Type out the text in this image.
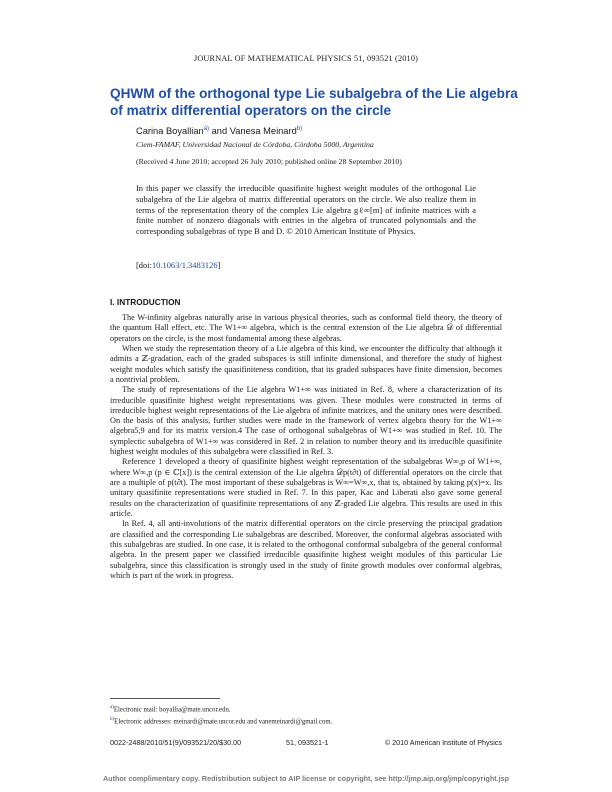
JOURNAL OF MATHEMATICAL PHYSICS 51, 093521 (2010)
QHWM of the orthogonal type Lie subalgebra of the Lie algebra of matrix differential operators on the circle
Carina Boyallian$^{a)}$ and Vanesa Meinard$^{b)}$
Ciem-FAMAF, Universidad Nacional de Córdoba, Córdoba 5000, Argentina
(Received 4 June 2010; accepted 26 July 2010; published online 28 September 2010)

In this paper we classify the irreducible quasifinite highest weight modules of the orthogonal Lie subalgebra of the Lie algebra of matrix differential operators on the circle. We also realize them in terms of the representation theory of the complex Lie algebra gℓ∞[m] of infinite matrices with a finite number of nonzero diagonals with entries in the algebra of truncated polynomials and the corresponding subalgebras of type B and D. © 2010 American Institute of Physics.

[doi:10.1063/1.3483126]
I. INTRODUCTION

The W-infinity algebras naturally arise in various physical theories, such as conformal field theory, the theory of the quantum Hall effect, etc. The W1+∞ algebra, which is the central extension of the Lie algebra 𝒟 of differential operators on the circle, is the most fundamental among these algebras.

When we study the representation theory of a Lie algebra of this kind, we encounter the difficulty that although it admits a ℤ-gradation, each of the graded subspaces is still infinite dimensional, and therefore the study of highest weight modules which satisfy the quasifiniteness condition, that its graded subspaces have finite dimension, becomes a nontrivial problem.

The study of representations of the Lie algebra W1+∞ was initiated in Ref. 8, where a characterization of its irreducible quasifinite highest weight representations was given. These modules were constructed in terms of irreducible highest weight representations of the Lie algebra of infinite matrices, and the unitary ones were described. On the basis of this analysis, further studies were made in the framework of vertex algebra theory for the W1+∞ algebra5,9 and for its matrix version.4 The case of orthogonal subalgebras of W1+∞ was studied in Ref. 10. The symplectic subalgebra of W1+∞ was considered in Ref. 2 in relation to number theory and its irreducible quasifinite highest weight modules of this subalgebra were classified in Ref. 3.

Reference 1 developed a theory of quasifinite highest weight representation of the subalgebras W∞,p of W1+∞, where W∞,p (p ∈ ℂ[x]) is the central extension of the Lie algebra 𝒟p(t∂t) of differential operators on the circle that are a multiple of p(t∂t). The most important of these subalgebras is W∞=W∞,x, that is, obtained by taking p(x)=x. Its unitary quasifinite representations were studied in Ref. 7. In this paper, Kac and Liberati also gave some general results on the characterization of quasifinite representations of any ℤ-graded Lie algebra. This results are used in this article.

In Ref. 4, all anti-involutions of the matrix differential operators on the circle preserving the principal gradation are classified and the corresponding Lie subalgebras are described. Moreover, the conformal algebras associated with this subalgebras are studied. In one case, it is related to the orthogonal conformal subalgebra of the general conformal algebra. In the present paper we classified irreducible quasifinite highest weight modules of this particular Lie subalgebra, since this classification is strongly used in the study of finite growth modules over conformal algebras, which is part of the work in progress.

$^{a)}$Electronic mail: boyallia@mate.uncor.edu.
$^{b)}$Electronic addresses: meinardi@mate.uncor.edu and vanemeinardi@gmail.com.
0022-2488/2010/51(9)/093521/20/$30.00	51, 093521-1	© 2010 American Institute of Physics
Author complimentary copy. Redistribution subject to AIP license or copyright, see http://jmp.aip.org/jmp/copyright.jsp
